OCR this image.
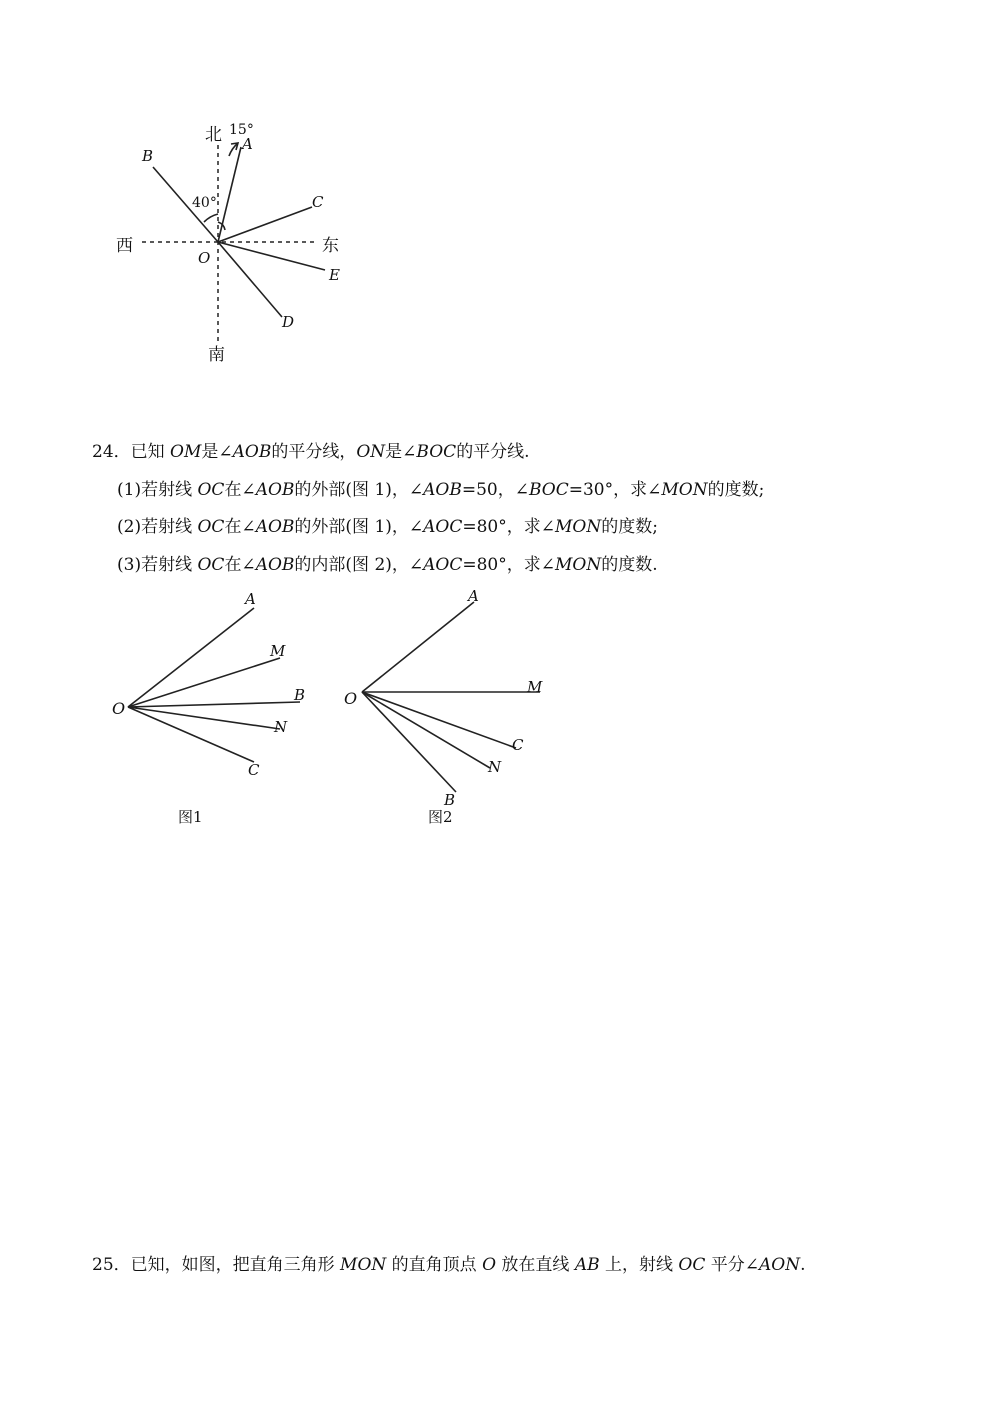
北
南
西	东
15°
40°
A
B
C
D
E
O
24．已知 OM是∠AOB的平分线，ON是∠BOC的平分线.
(1)若射线 OC在∠AOB的外部(图 1)，∠AOB=50，∠BOC=30°，求∠MON的度数;
(2)若射线 OC在∠AOB的外部(图 1)，∠AOC=80°，求∠MON的度数;
(3)若射线 OC在∠AOB的内部(图 2)，∠AOC=80°，求∠MON的度数.
O
A
M
B
N
C
图1
O
A
M
C
N
B
图2
25．已知，如图，把直角三角形 MON 的直角顶点 O 放在直线 AB 上，射线 OC 平分∠AON.
